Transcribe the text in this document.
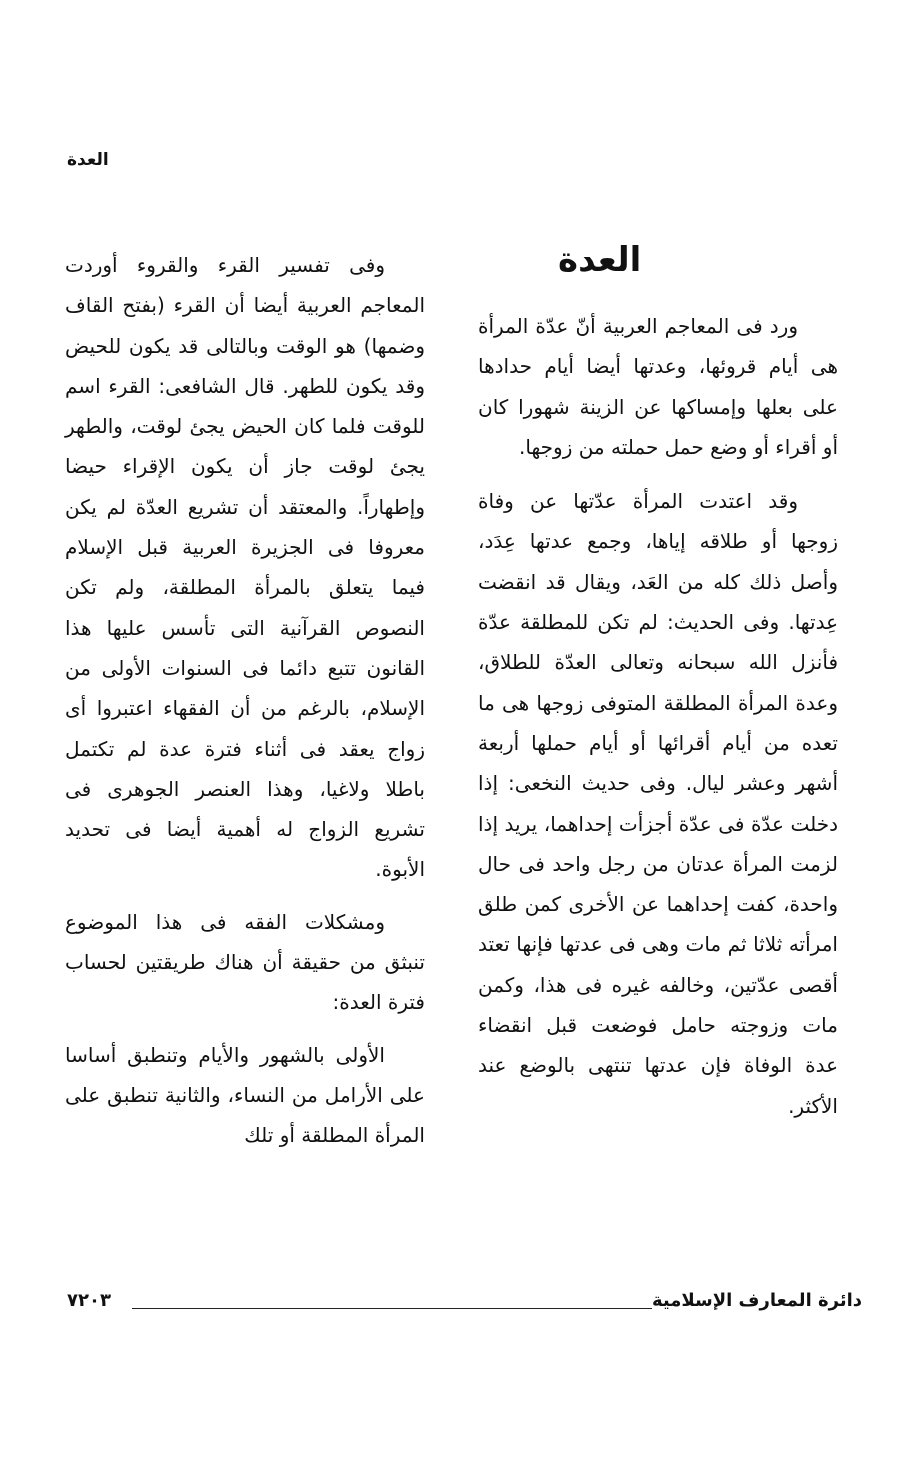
العدة
العدة

ورد فى المعاجم العربية أنّ عدّة المرأة هى أيام قروئها، وعدتها أيضا أيام حدادها على بعلها وإمساكها عن الزينة شهورا كان أو أقراء أو وضع حمل حملته من زوجها.

وقد اعتدت المرأة عدّتها عن وفاة زوجها أو طلاقه إياها، وجمع عدتها عِدَد، وأصل ذلك كله من العَد، ويقال قد انقضت عِدتها. وفى الحديث: لم تكن للمطلقة عدّة فأنزل الله سبحانه وتعالى العدّة للطلاق، وعدة المرأة المطلقة المتوفى زوجها هى ما تعده من أيام أقرائها أو أيام حملها أربعة أشهر وعشر ليال. وفى حديث النخعى: إذا دخلت عدّة فى عدّة أجزأت إحداهما، يريد إذا لزمت المرأة عدتان من رجل واحد فى حال واحدة، كفت إحداهما عن الأخرى كمن طلق امرأته ثلاثا ثم مات وهى فى عدتها فإنها تعتد أقصى عدّتين، وخالفه غيره فى هذا، وكمن مات وزوجته حامل فوضعت قبل انقضاء عدة الوفاة فإن عدتها تنتهى بالوضع عند الأكثر.

وفى تفسير القرء والقروء أوردت المعاجم العربية أيضا أن القرء (بفتح القاف وضمها) هو الوقت وبالتالى قد يكون للحيض وقد يكون للطهر. قال الشافعى: القرء اسم للوقت فلما كان الحيض يجئ لوقت، والطهر يجئ لوقت جاز أن يكون الإقراء حيضا وإطهاراً. والمعتقد أن تشريع العدّة لم يكن معروفا فى الجزيرة العربية قبل الإسلام فيما يتعلق بالمرأة المطلقة، ولم تكن النصوص القرآنية التى تأسس عليها هذا القانون تتبع دائما فى السنوات الأولى من الإسلام، بالرغم من أن الفقهاء اعتبروا أى زواج يعقد فى أثناء فترة عدة لم تكتمل باطلا ولاغيا، وهذا العنصر الجوهرى فى تشريع الزواج له أهمية أيضا فى تحديد الأبوة.

ومشكلات الفقه فى هذا الموضوع تنبثق من حقيقة أن هناك طريقتين لحساب فترة العدة:

الأولى بالشهور والأيام وتنطبق أساسا على الأرامل من النساء، والثانية تنطبق على المرأة المطلقة أو تلك

دائرة المعارف الإسلامية
٧٢٠٣
